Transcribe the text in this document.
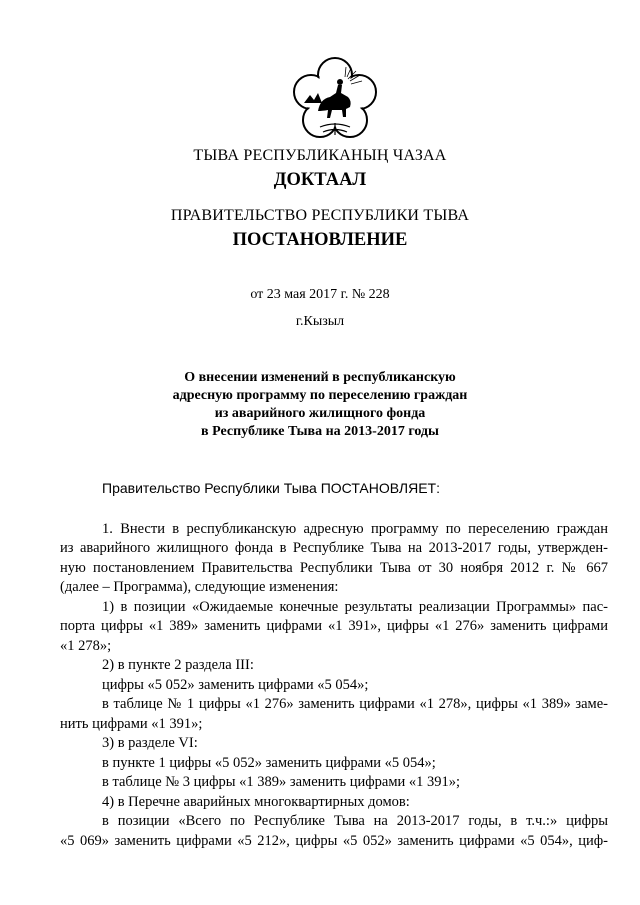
ТЫВА РЕСПУБЛИКАНЫҢ ЧАЗАА
ДОКТААЛ
ПРАВИТЕЛЬСТВО РЕСПУБЛИКИ ТЫВА
ПОСТАНОВЛЕНИЕ
от 23 мая 2017 г. № 228
г.Кызыл
О внесении изменений в республиканскую
адресную программу по переселению граждан
из аварийного жилищного фонда
в Республике Тыва на 2013-2017 годы

Правительство Республики Тыва ПОСТАНОВЛЯЕТ:

1. Внести в республиканскую адресную программу по переселению граждан

из аварийного жилищного фонда в Республике Тыва на 2013-2017 годы, утвержден-

ную постановлением Правительства Республики Тыва от 30 ноября 2012 г. № 667

(далее – Программа), следующие изменения:

1) в позиции «Ожидаемые конечные результаты реализации Программы» пас-

порта цифры «1 389» заменить цифрами «1 391», цифры «1 276» заменить цифрами

«1 278»;

2) в пункте 2 раздела III:

цифры «5 052» заменить цифрами «5 054»;

в таблице № 1 цифры «1 276» заменить цифрами «1 278», цифры «1 389» заме-

нить цифрами «1 391»;

3) в разделе VI:

в пункте 1 цифры «5 052» заменить цифрами «5 054»;

в таблице № 3 цифры «1 389» заменить цифрами «1 391»;

4) в Перечне аварийных многоквартирных домов:

в позиции «Всего по Республике Тыва на 2013-2017 годы, в т.ч.:» цифры

«5 069» заменить цифрами «5 212», цифры «5 052» заменить цифрами «5 054», циф-
